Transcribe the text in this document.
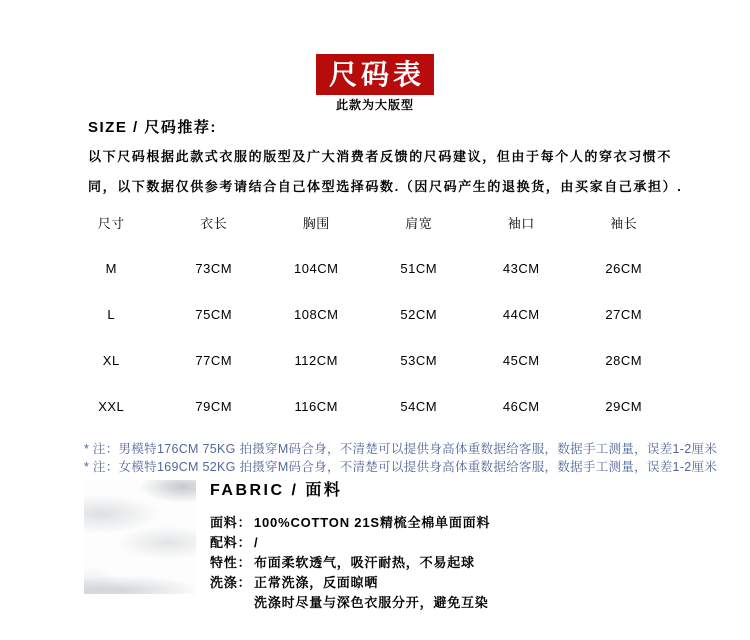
尺码表
此款为大版型
SIZE / 尺码推荐:
以下尺码根据此款式衣服的版型及广大消费者反馈的尺码建议，但由于每个人的穿衣习惯不
同，以下数据仅供参考请结合自己体型选择码数.（因尺码产生的退换货，由买家自己承担）.
尺寸	衣长	胸围	肩宽	袖口	袖长
M	73CM	104CM	51CM	43CM	26CM
L	75CM	108CM	52CM	44CM	27CM
XL	77CM	112CM	53CM	45CM	28CM
XXL	79CM	116CM	54CM	46CM	29CM
* 注：男模特176CM 75KG 拍摄穿M码合身，不清楚可以提供身高体重数据给客服，数据手工测量，误差1-2厘米
* 注：女模特169CM 52KG 拍摄穿M码合身，不清楚可以提供身高体重数据给客服，数据手工测量，误差1-2厘米
FABRIC / 面料
面料： 100%COTTON 21S精梳全棉单面面料
配料： /
特性： 布面柔软透气，吸汗耐热，不易起球
洗涤： 正常洗涤，反面晾晒
洗涤时尽量与深色衣服分开，避免互染
